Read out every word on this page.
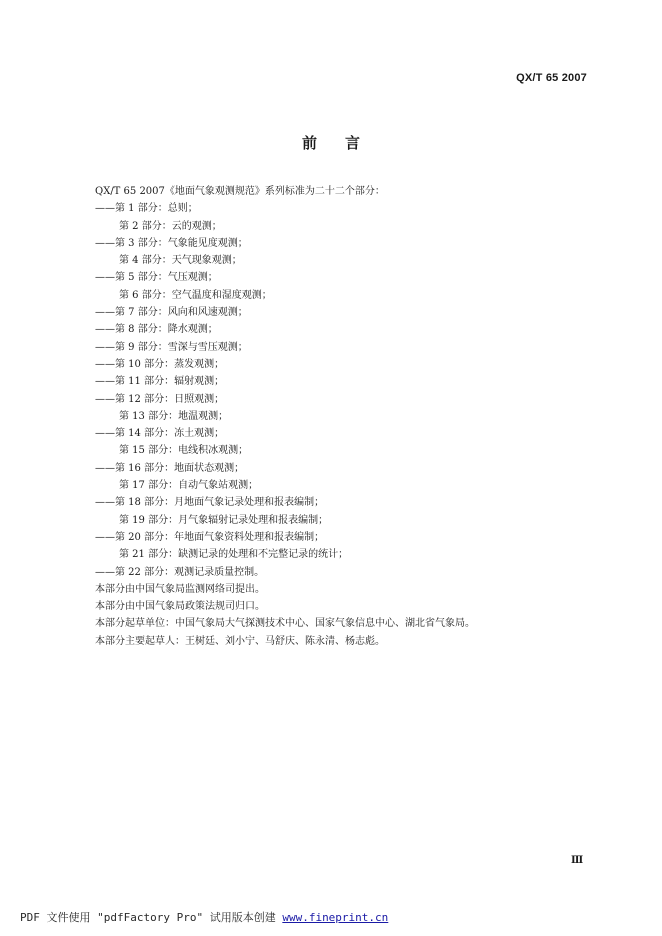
QX/T 65 2007
前言
QX/T 65 2007《地面气象观测规范》系列标准为二十二个部分：
——第 1 部分：总则；
第 2 部分：云的观测；
——第 3 部分：气象能见度观测；
第 4 部分：天气现象观测；
——第 5 部分：气压观测；
第 6 部分：空气温度和湿度观测；
——第 7 部分：风向和风速观测；
——第 8 部分：降水观测；
——第 9 部分：雪深与雪压观测；
——第 10 部分：蒸发观测；
——第 11 部分：辐射观测；
——第 12 部分：日照观测；
第 13 部分：地温观测；
——第 14 部分：冻土观测；
第 15 部分：电线积冰观测；
——第 16 部分：地面状态观测；
第 17 部分：自动气象站观测；
——第 18 部分：月地面气象记录处理和报表编制；
第 19 部分：月气象辐射记录处理和报表编制；
——第 20 部分：年地面气象资料处理和报表编制；
第 21 部分：缺测记录的处理和不完整记录的统计；
——第 22 部分：观测记录质量控制。
本部分由中国气象局监测网络司提出。
本部分由中国气象局政策法规司归口。
本部分起草单位：中国气象局大气探测技术中心、国家气象信息中心、湖北省气象局。
本部分主要起草人：王树廷、刘小宁、马舒庆、陈永清、杨志彪。
Ⅲ
PDF 文件使用 "pdfFactory Pro" 试用版本创建 www.fineprint.cn
